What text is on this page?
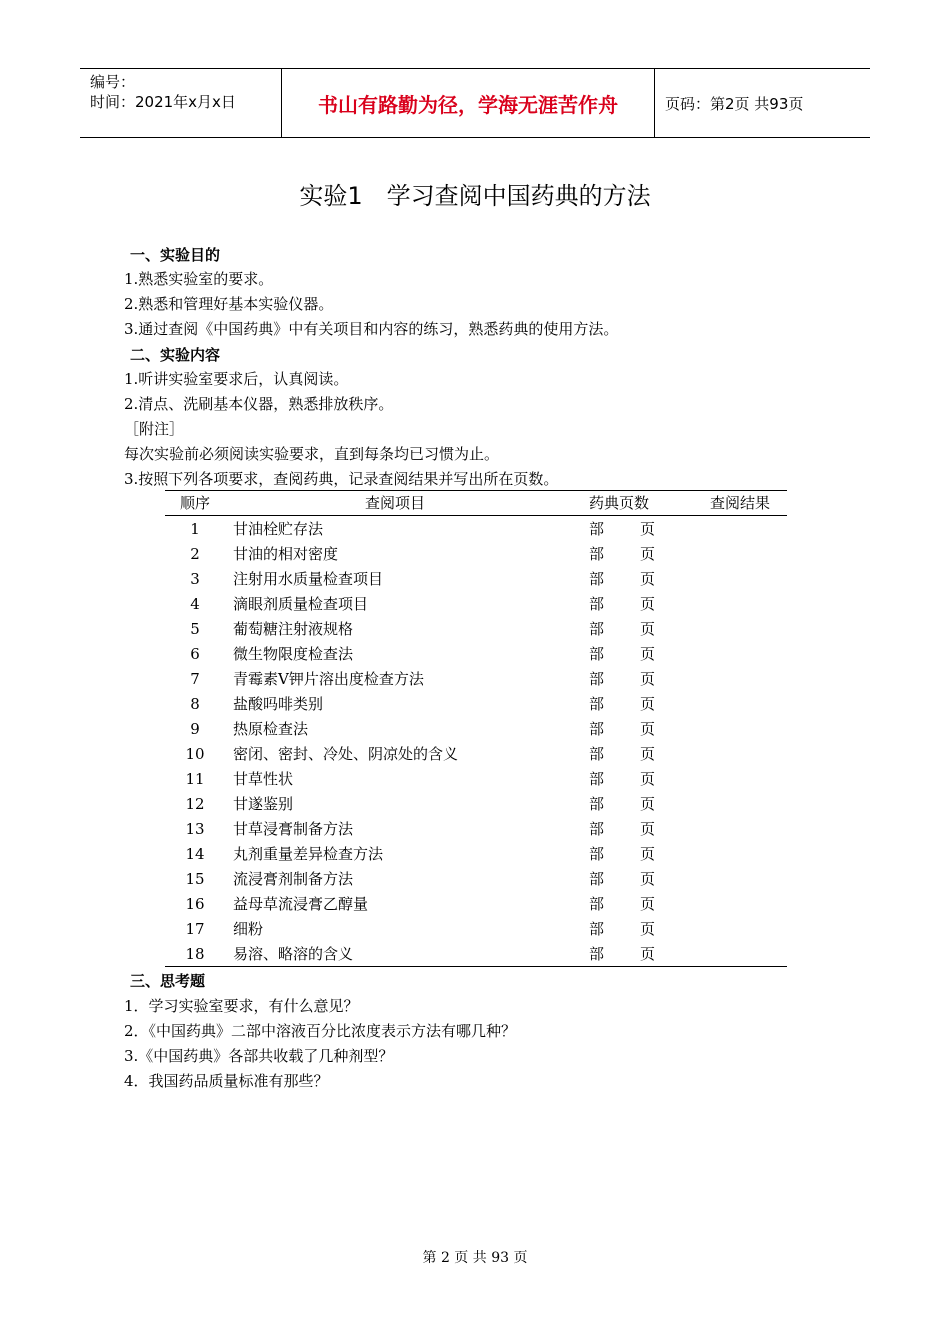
编号：
时间：2021年x月x日	书山有路勤为径，学海无涯苦作舟	页码：第2页 共93页
实验1　学习查阅中国药典的方法
一、实验目的
1.熟悉实验室的要求。
2.熟悉和管理好基本实验仪器。
3.通过查阅《中国药典》中有关项目和内容的练习，熟悉药典的使用方法。
二、实验内容
1.听讲实验室要求后，认真阅读。
2.清点、洗刷基本仪器，熟悉排放秩序。
［附注］
每次实验前必须阅读实验要求，直到每条均已习惯为止。
3.按照下列各项要求，查阅药典，记录查阅结果并写出所在页数。
顺序	查阅项目	药典页数	查阅结果
1	甘油栓贮存法	部 页
2	甘油的相对密度	部 页
3	注射用水质量检查项目	部 页
4	滴眼剂质量检查项目	部 页
5	葡萄糖注射液规格	部 页
6	微生物限度检查法	部 页
7	青霉素V钾片溶出度检查方法	部 页
8	盐酸吗啡类别	部 页
9	热原检查法	部 页
10	密闭、密封、冷处、阴凉处的含义	部 页
11	甘草性状	部 页
12	甘遂鉴别	部 页
13	甘草浸膏制备方法	部 页
14	丸剂重量差异检查方法	部 页
15	流浸膏剂制备方法	部 页
16	益母草流浸膏乙醇量	部 页
17	细粉	部 页
18	易溶、略溶的含义	部 页
三、思考题
1．学习实验室要求，有什么意见？
2．《中国药典》二部中溶液百分比浓度表示方法有哪几种？
3.《中国药典》各部共收载了几种剂型？
4．我国药品质量标准有那些？
第 2 页 共 93 页
